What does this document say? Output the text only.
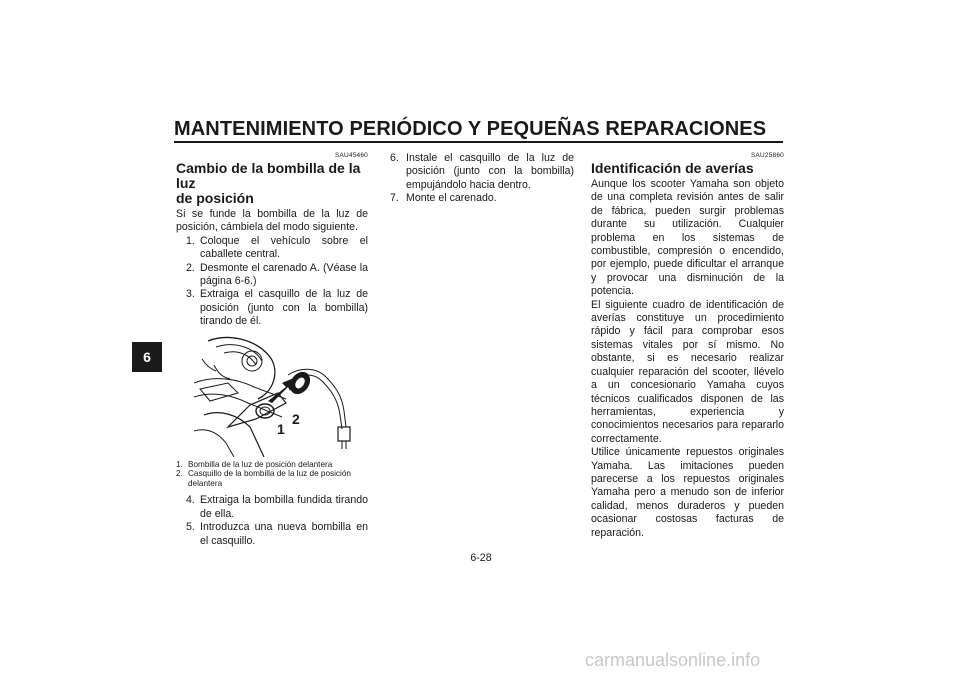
MANTENIMIENTO PERIÓDICO Y PEQUEÑAS REPARACIONES
6
SAU45460
Cambio de la bombilla de la luz
de posición

Si se funde la bombilla de la luz de posición, cámbiela del modo siguiente.

1. Coloque el vehículo sobre el caballete central.
2. Desmonte el carenado A. (Véase la página 6-6.)
3. Extraiga el casquillo de la luz de posición (junto con la bombilla) tirando de él.
1
2
1. Bombilla de la luz de posición delantera
2. Casquillo de la bombilla de la luz de posición delantera
4. Extraiga la bombilla fundida tirando de ella.
5. Introduzca una nueva bombilla en el casquillo.
6. Instale el casquillo de la luz de posición (junto con la bombilla) empujándolo hacia dentro.
7. Monte el carenado.
SAU25860
Identificación de averías

Aunque los scooter Yamaha son objeto de una completa revisión antes de salir de fábrica, pueden surgir problemas durante su utilización. Cualquier problema en los sistemas de combustible, compresión o encendido, por ejemplo, puede dificultar el arranque y provocar una disminución de la potencia.

El siguiente cuadro de identificación de averías constituye un procedimiento rápido y fácil para comprobar esos sistemas vitales por sí mismo. No obstante, si es necesario realizar cualquier reparación del scooter, llévelo a un concesionario Yamaha cuyos técnicos cualificados disponen de las herramientas, experiencia y conocimientos necesarios para repararlo correctamente.

Utilice únicamente repuestos originales Yamaha. Las imitaciones pueden parecerse a los repuestos originales Yamaha pero a menudo son de inferior calidad, menos duraderos y pueden ocasionar costosas facturas de reparación.

6-28
carmanualsonline.info
